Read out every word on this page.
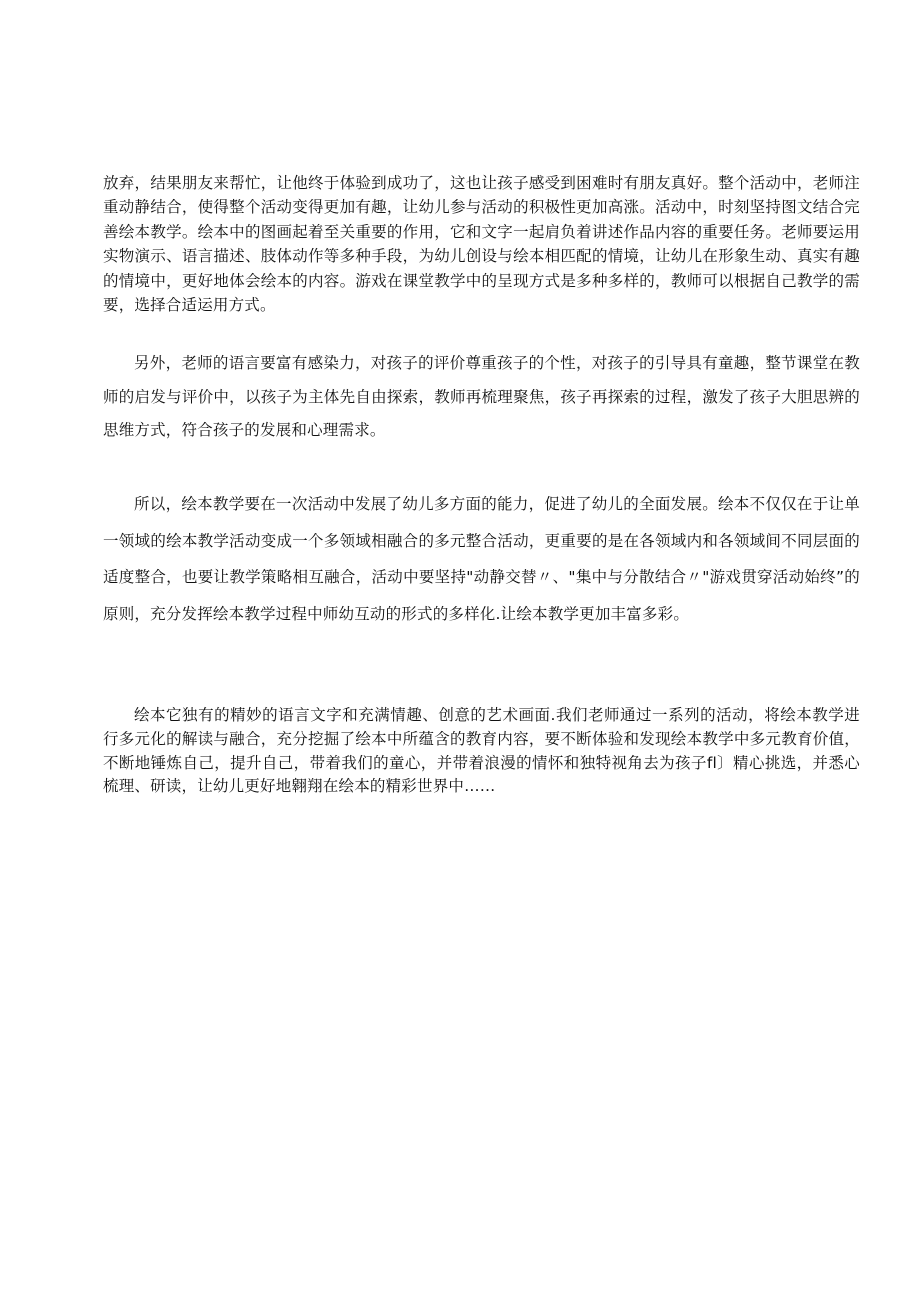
放弃，结果朋友来帮忙，让他终于体验到成功了，这也让孩子感受到困难时有朋友真好。整个活动中，老师注重动静结合，使得整个活动变得更加有趣，让幼儿参与活动的积极性更加高涨。活动中，时刻坚持图文结合完善绘本教学。绘本中的图画起着至关重要的作用，它和文字一起肩负着讲述作品内容的重要任务。老师要运用实物演示、语言描述、肢体动作等多种手段，为幼儿创设与绘本相匹配的情境，让幼儿在形象生动、真实有趣的情境中，更好地体会绘本的内容。游戏在课堂教学中的呈现方式是多种多样的，教师可以根据自己教学的需要，选择合适运用方式。

另外，老师的语言要富有感染力，对孩子的评价尊重孩子的个性，对孩子的引导具有童趣，整节课堂在教师的启发与评价中，以孩子为主体先自由探索，教师再梳理聚焦，孩子再探索的过程，激发了孩子大胆思辨的思维方式，符合孩子的发展和心理需求。

所以，绘本教学要在一次活动中发展了幼儿多方面的能力，促进了幼儿的全面发展。绘本不仅仅在于让单一领域的绘本教学活动变成一个多领域相融合的多元整合活动，更重要的是在各领域内和各领域间不同层面的适度整合，也要让教学策略相互融合，活动中要坚持"动静交替〃、"集中与分散结合〃"游戏贯穿活动始终”的原则，充分发挥绘本教学过程中师幼互动的形式的多样化.让绘本教学更加丰富多彩。

绘本它独有的精妙的语言文字和充满情趣、创意的艺术画面.我们老师通过一系列的活动，将绘本教学进行多元化的解读与融合，充分挖掘了绘本中所蕴含的教育内容，要不断体验和发现绘本教学中多元教育价值，不断地锤炼自己，提升自己，带着我们的童心，并带着浪漫的情怀和独特视角去为孩子fl〕精心挑选，并悉心梳理、研读，让幼儿更好地翱翔在绘本的精彩世界中……
